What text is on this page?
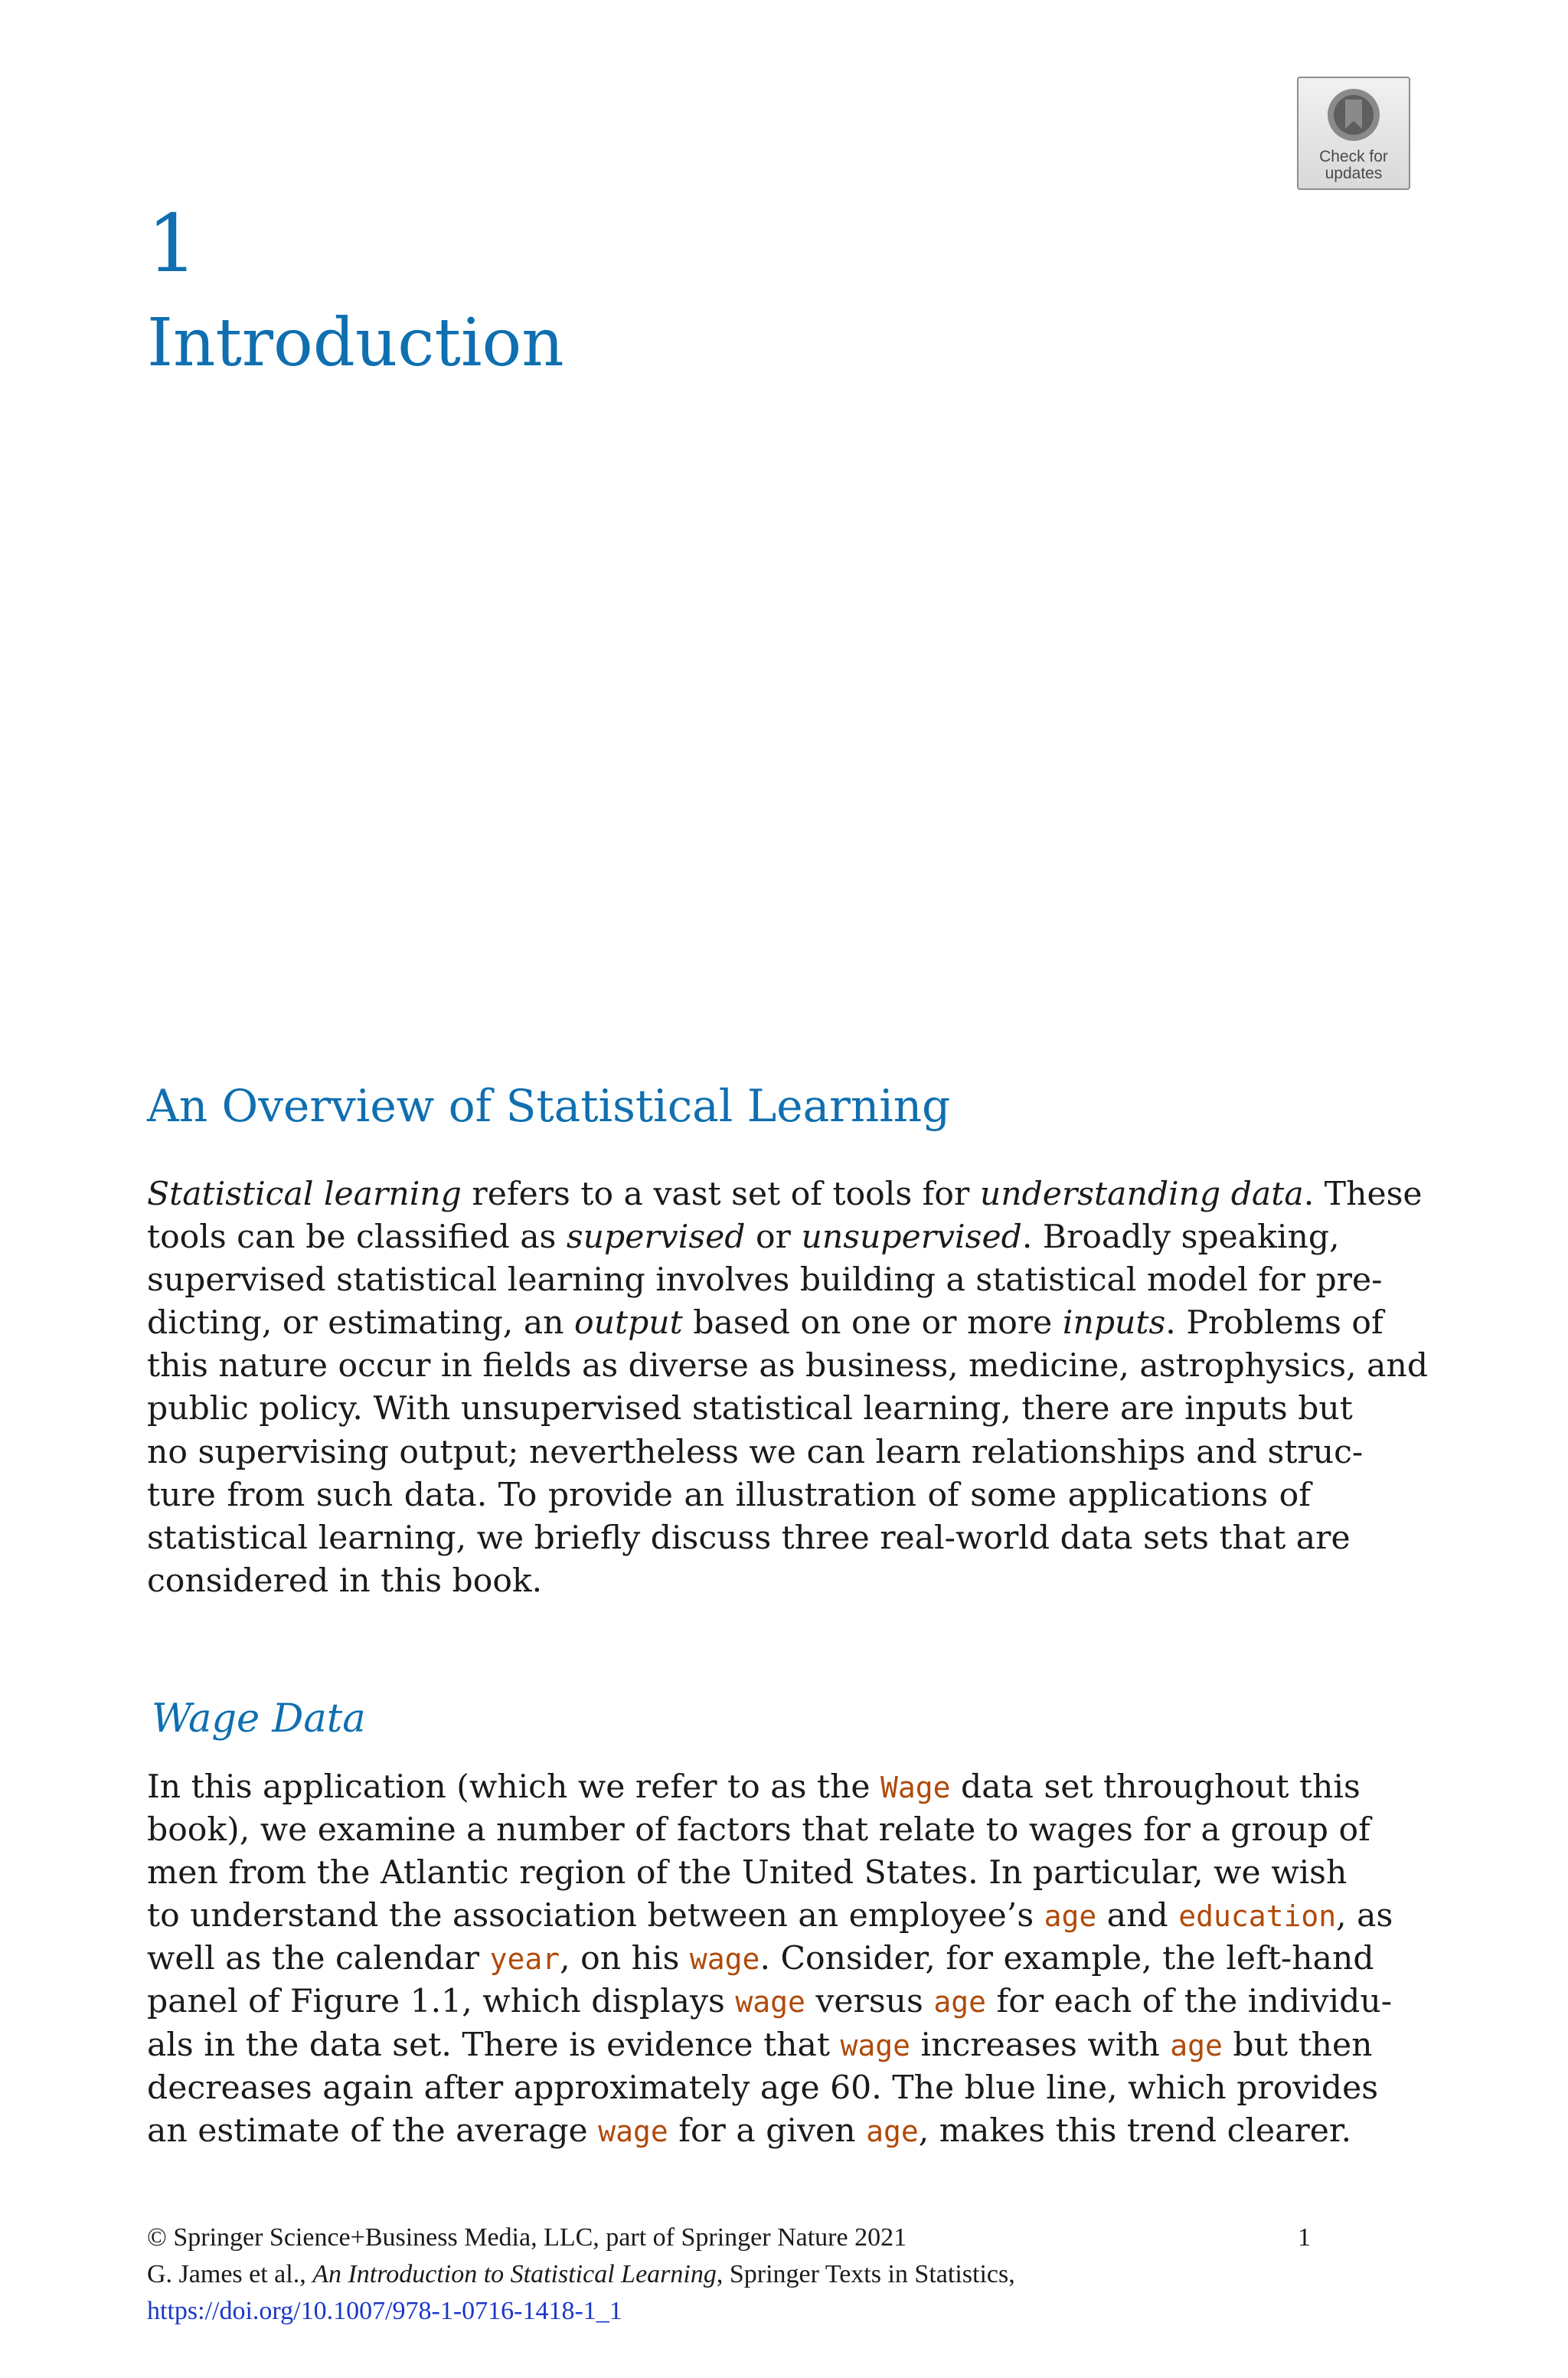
Check for updates
1
Introduction
An Overview of Statistical Learning
Statistical learning refers to a vast set of tools for understanding data. These
tools can be classified as supervised or unsupervised. Broadly speaking,
supervised statistical learning involves building a statistical model for pre-
dicting, or estimating, an output based on one or more inputs. Problems of
this nature occur in fields as diverse as business, medicine, astrophysics, and
public policy. With unsupervised statistical learning, there are inputs but
no supervising output; nevertheless we can learn relationships and struc-
ture from such data. To provide an illustration of some applications of
statistical learning, we briefly discuss three real-world data sets that are
considered in this book.
Wage Data
In this application (which we refer to as the Wage data set throughout this
book), we examine a number of factors that relate to wages for a group of
men from the Atlantic region of the United States. In particular, we wish
to understand the association between an employee’s age and education, as
well as the calendar year, on his wage. Consider, for example, the left-hand
panel of Figure 1.1, which displays wage versus age for each of the individu-
als in the data set. There is evidence that wage increases with age but then
decreases again after approximately age 60. The blue line, which provides
an estimate of the average wage for a given age, makes this trend clearer.
© Springer Science+Business Media, LLC, part of Springer Nature 2021	1
G. James et al., An Introduction to Statistical Learning, Springer Texts in Statistics,
https://doi.org/10.1007/978-1-0716-1418-1_1
